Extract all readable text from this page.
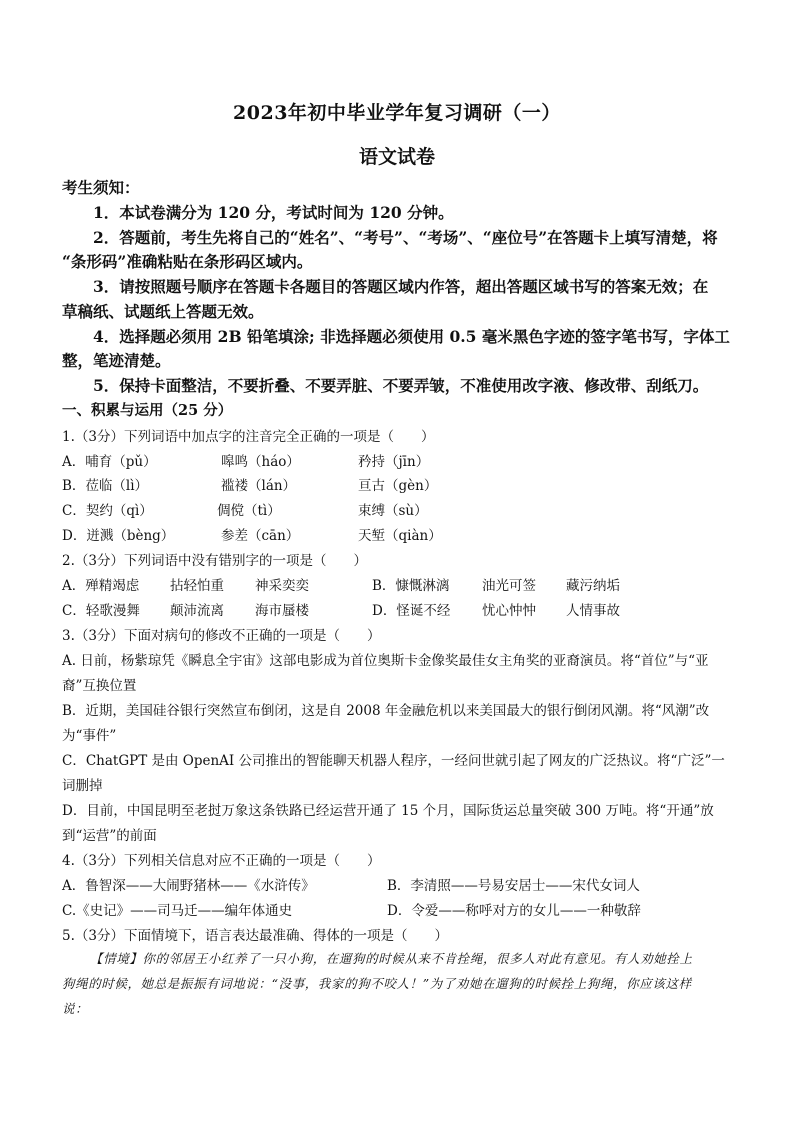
2023年初中毕业学年复习调研（一）
语文试卷
考生须知：
1．本试卷满分为 120 分，考试时间为 120 分钟。
2．答题前，考生先将自己的“姓名”、“考号”、“考场”、“座位号”在答题卡上填写清楚，将
“条形码”准确粘贴在条形码区域内。
3．请按照题号顺序在答题卡各题目的答题区域内作答，超出答题区域书写的答案无效；在
草稿纸、试题纸上答题无效。
4．选择题必须用 2B 铅笔填涂; 非选择题必须使用 0.5 毫米黑色字迹的签字笔书写，字体工
整，笔迹清楚。
5．保持卡面整洁，不要折叠、不要弄脏、不要弄皱，不准使用改字液、修改带、刮纸刀。
一、积累与运用（25 分）
1.（3分）下列词语中加点字的注音完全正确的一项是（　　）
A．哺育（pǔ）	嗥鸣（háo）	矜持（jīn）
B．莅临（lì）	褴褛（lán）	亘古（gèn）
C．契约（qì）	倜傥（tì）	束缚（sù）
D．迸溅（bèng）	参差（cān）	天堑（qiàn）
2.（3分）下列词语中没有错别字的一项是（　　）
A．殚精竭虑 拈轻怕重 神采奕奕	B．慷慨淋漓 油光可签 藏污纳垢
C．轻歌漫舞 颠沛流离 海市蜃楼	D．怪诞不经 忧心忡忡 人情事故
3.（3分）下面对病句的修改不正确的一项是（　　）
A. 日前，杨紫琼凭《瞬息全宇宙》这部电影成为首位奥斯卡金像奖最佳女主角奖的亚裔演员。将“首位”与“亚
裔”互换位置
B．近期，美国硅谷银行突然宣布倒闭，这是自 2008 年金融危机以来美国最大的银行倒闭风潮。将“风潮”改
为“事件”
C．ChatGPT 是由 OpenAI 公司推出的智能聊天机器人程序，一经问世就引起了网友的广泛热议。将“广泛”一
词删掉
D．目前，中国昆明至老挝万象这条铁路已经运营开通了 15 个月，国际货运总量突破 300 万吨。将“开通”放
到“运营”的前面
4.（3分）下列相关信息对应不正确的一项是（　　）
A．鲁智深——大闹野猪林——《水浒传》	B．李清照——号易安居士——宋代女词人
C.《史记》——司马迁——编年体通史	D．令爱——称呼对方的女儿——一种敬辞
5.（3分）下面情境下，语言表达最准确、得体的一项是（　　）
【情境】你的邻居王小红养了一只小狗，在遛狗的时候从来不肯拴绳，很多人对此有意见。有人劝她拴上
狗绳的时候，她总是振振有词地说：“没事，我家的狗不咬人！”为了劝她在遛狗的时候拴上狗绳，你应该这样
说：
